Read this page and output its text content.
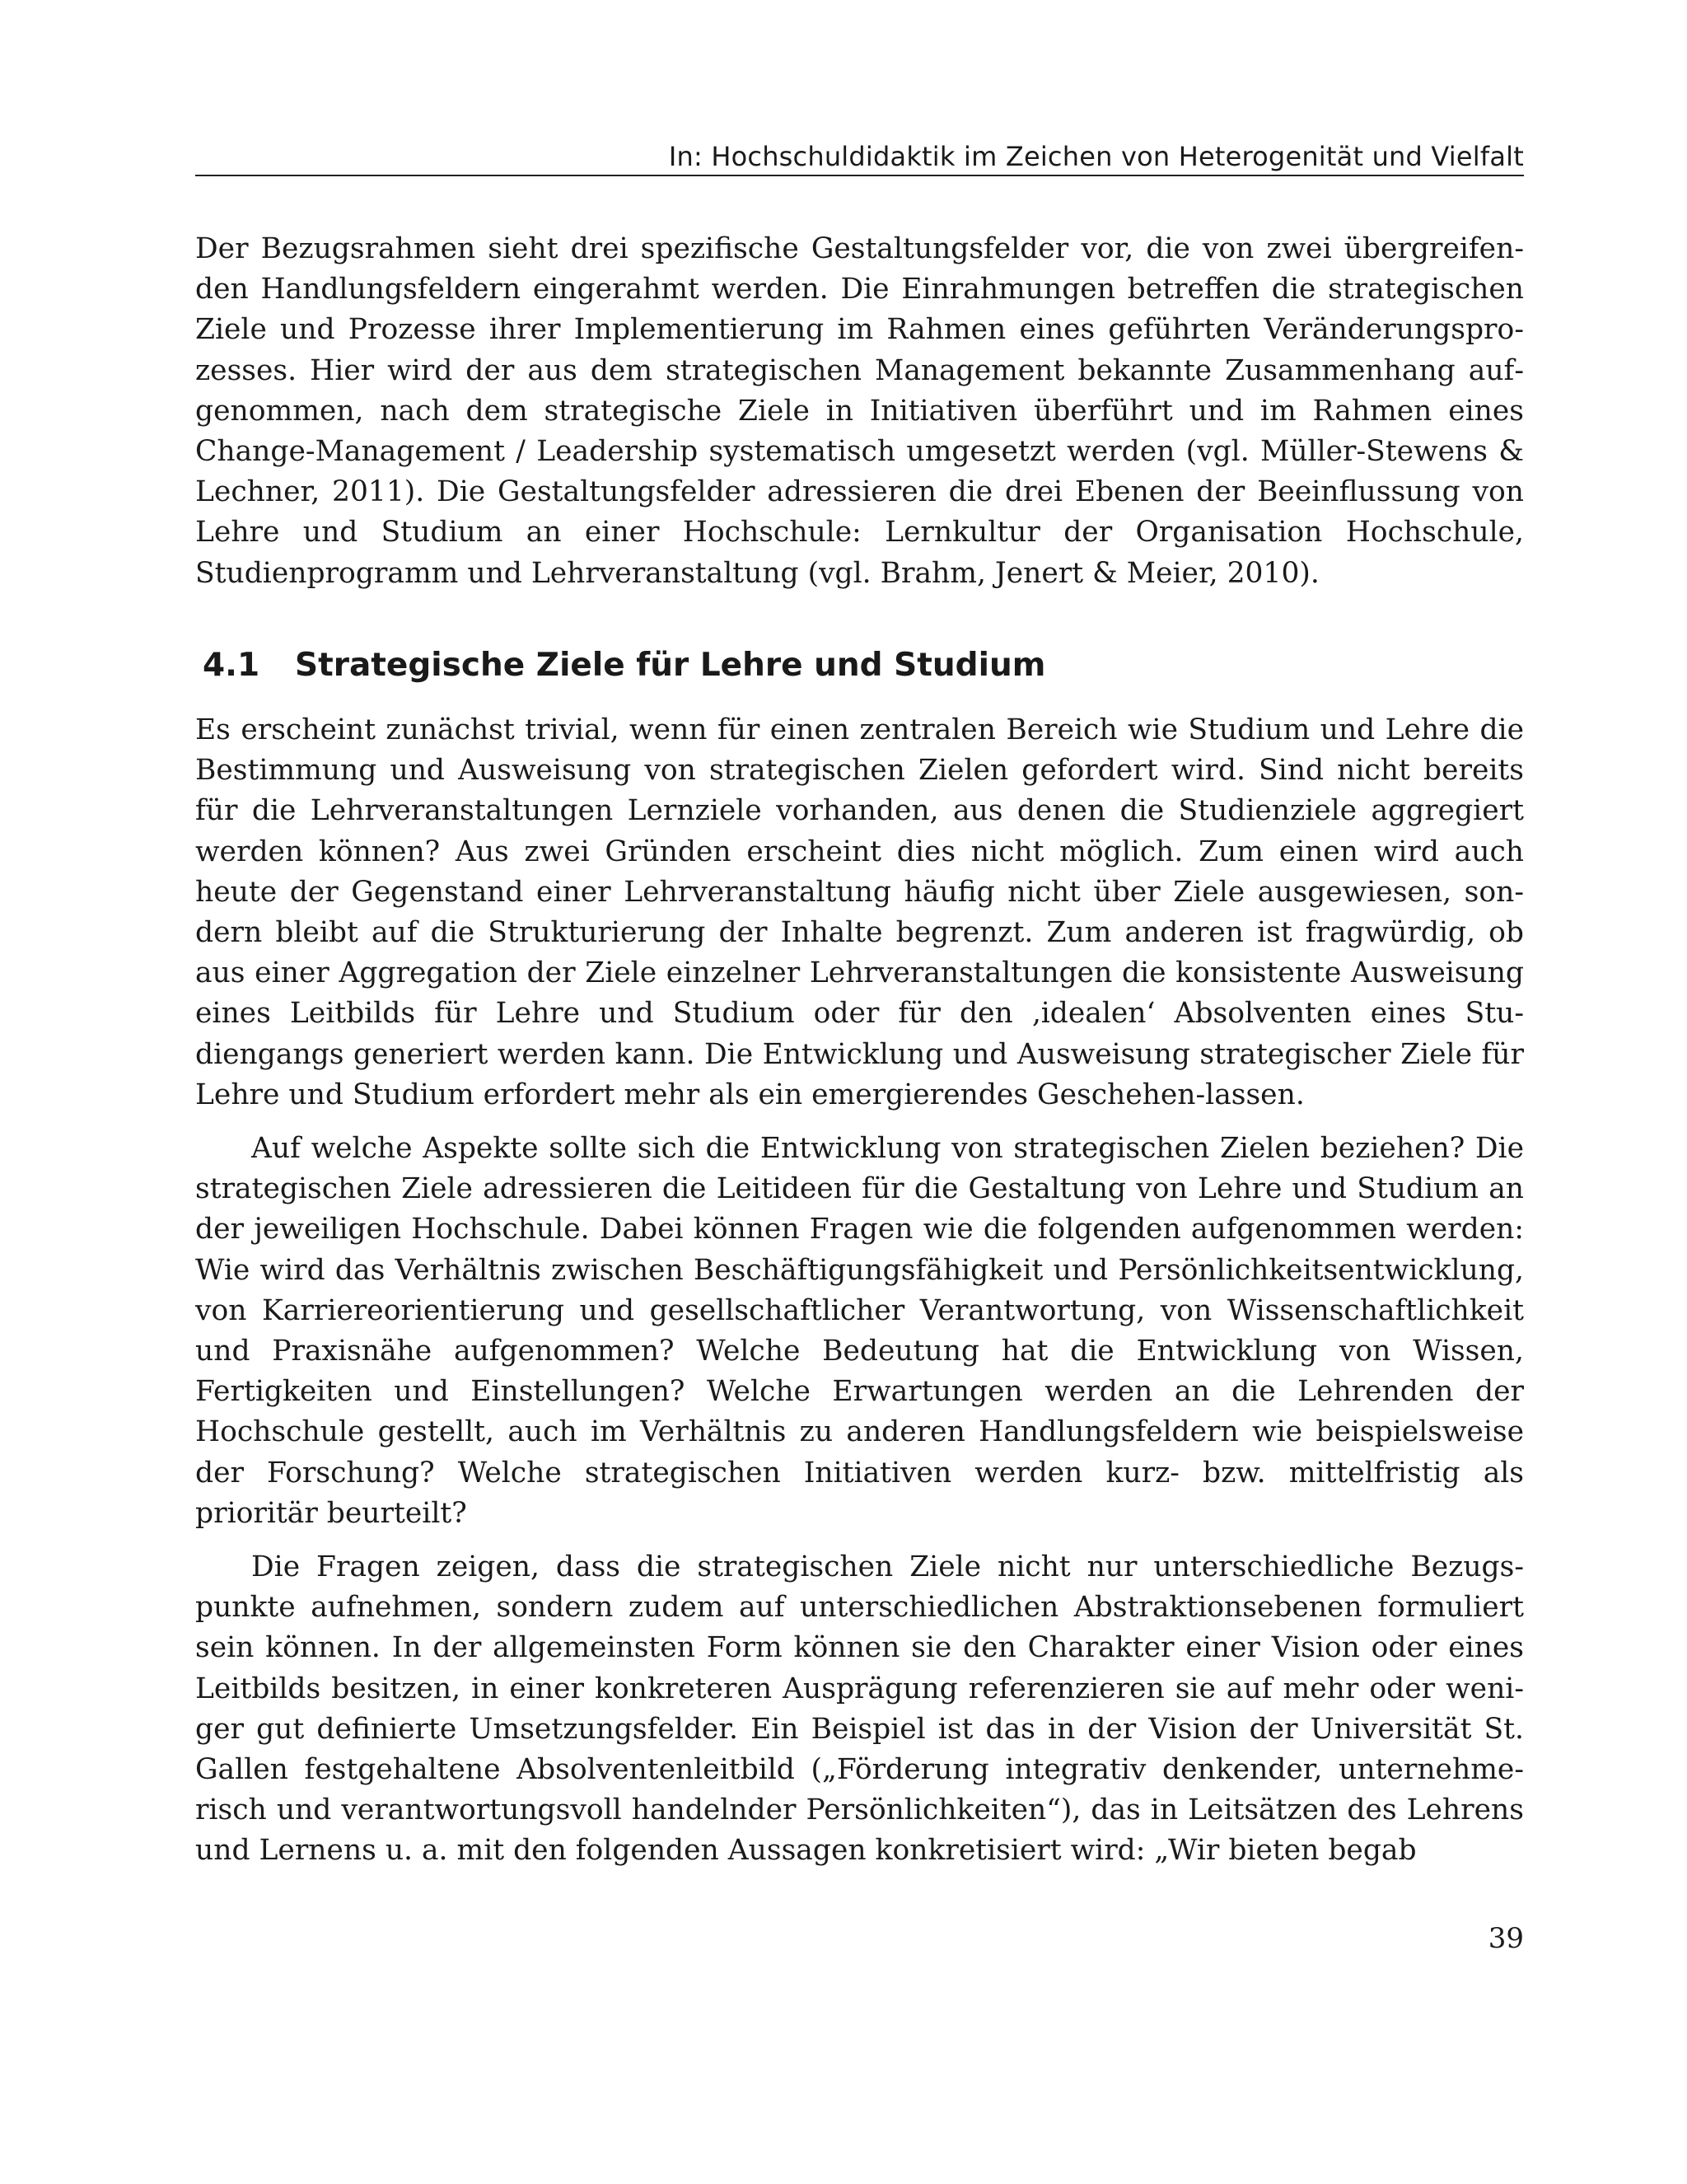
In: Hochschuldidaktik im Zeichen von Heterogenität und Vielfalt

Der Bezugsrahmen sieht drei spezifische Gestaltungsfelder vor, die von zwei übergreifenden Handlungsfeldern eingerahmt werden. Die Einrahmungen betreffen die strategischen Ziele und Prozesse ihrer Implementierung im Rahmen eines geführten Veränderungsprozesses. Hier wird der aus dem strategischen Management bekannte Zusammenhang aufgenommen, nach dem strategische Ziele in Initiativen überführt und im Rahmen eines Change-Management / Leadership systematisch umgesetzt werden (vgl. Müller-Stewens & Lechner, 2011). Die Gestaltungsfelder adressieren die drei Ebenen der Beeinflussung von Lehre und Studium an einer Hochschule: Lernkultur der Organisation Hochschule, Studienprogramm und Lehrveranstaltung (vgl. Brahm, Jenert & Meier, 2010).

4.1 Strategische Ziele für Lehre und Studium

Es erscheint zunächst trivial, wenn für einen zentralen Bereich wie Studium und Lehre die Bestimmung und Ausweisung von strategischen Zielen gefordert wird. Sind nicht bereits für die Lehrveranstaltungen Lernziele vorhanden, aus denen die Studienziele aggregiert werden können? Aus zwei Gründen erscheint dies nicht möglich. Zum einen wird auch heute der Gegenstand einer Lehrveranstaltung häufig nicht über Ziele ausgewiesen, sondern bleibt auf die Strukturierung der Inhalte begrenzt. Zum anderen ist fragwürdig, ob aus einer Aggregation der Ziele einzelner Lehrveranstaltungen die konsistente Ausweisung eines Leitbilds für Lehre und Studium oder für den ‚idealen‘ Absolventen eines Studiengangs generiert werden kann. Die Entwicklung und Ausweisung strategischer Ziele für Lehre und Studium erfordert mehr als ein emergierendes Geschehen-lassen.

Auf welche Aspekte sollte sich die Entwicklung von strategischen Zielen beziehen? Die strategischen Ziele adressieren die Leitideen für die Gestaltung von Lehre und Studium an der jeweiligen Hochschule. Dabei können Fragen wie die folgenden aufgenommen werden: Wie wird das Verhältnis zwischen Beschäftigungsfähigkeit und Persönlichkeitsentwicklung, von Karriereorientierung und gesellschaftlicher Verantwortung, von Wissenschaftlichkeit und Praxisnähe aufgenommen? Welche Bedeutung hat die Entwicklung von Wissen, Fertigkeiten und Einstellungen? Welche Erwartungen werden an die Lehrenden der Hochschule gestellt, auch im Verhältnis zu anderen Handlungsfeldern wie beispielsweise der Forschung? Welche strategischen Initiativen werden kurz- bzw. mittelfristig als prioritär beurteilt?

Die Fragen zeigen, dass die strategischen Ziele nicht nur unterschiedliche Bezugspunkte aufnehmen, sondern zudem auf unterschiedlichen Abstraktionsebenen formuliert sein können. In der allgemeinsten Form können sie den Charakter einer Vision oder eines Leitbilds besitzen, in einer konkreteren Ausprägung referenzieren sie auf mehr oder weniger gut definierte Umsetzungsfelder. Ein Beispiel ist das in der Vision der Universität St. Gallen festgehaltene Absolventenleitbild („Förderung integrativ denkender, unternehmerisch und verantwortungsvoll handelnder Persönlichkeiten“), das in Leitsätzen des Lehrens und Lernens u. a. mit den folgenden Aussagen konkretisiert wird: „Wir bieten begab

39
